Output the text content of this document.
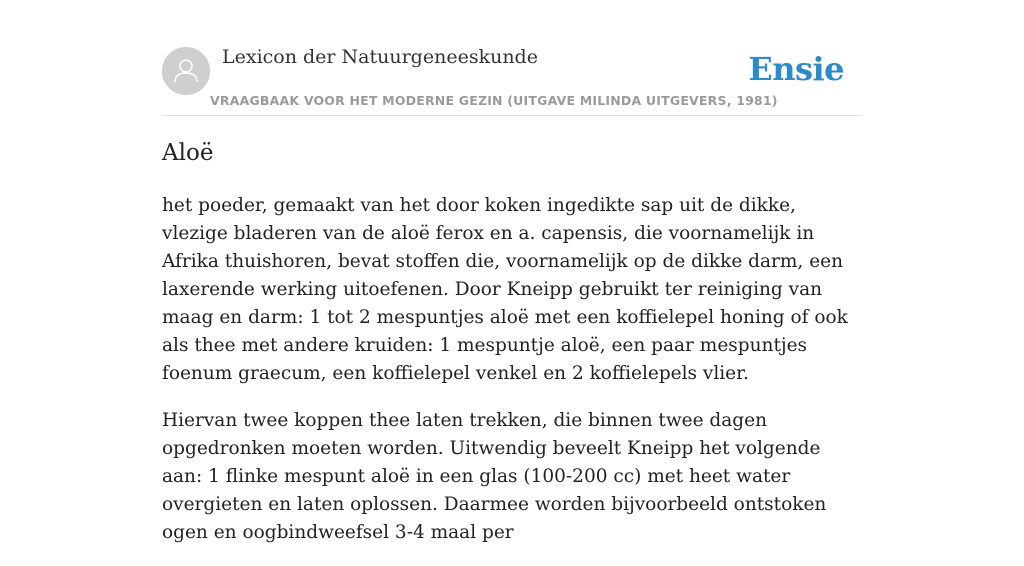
Lexicon der Natuurgeneeskunde
VRAAGBAAK VOOR HET MODERNE GEZIN (UITGAVE MILINDA UITGEVERS, 1981)
Ensie
Aloë

het poeder, gemaakt van het door koken ingedikte sap uit de dikke, vlezige bladeren van de aloë ferox en a. capensis, die voornamelijk in Afrika thuishoren, bevat stoffen die, voornamelijk op de dikke darm, een laxerende werking uitoefenen. Door Kneipp gebruikt ter reiniging van maag en darm: 1 tot 2 mespuntjes aloë met een koffielepel honing of ook als thee met andere kruiden: 1 mespuntje aloë, een paar mespuntjes foenum graecum, een koffielepel venkel en 2 koffielepels vlier.

Hiervan twee koppen thee laten trekken, die binnen twee dagen opgedronken moeten worden. Uitwendig beveelt Kneipp het volgende aan: 1 flinke mespunt aloë in een glas (100-200 cc) met heet water overgieten en laten oplossen. Daarmee worden bijvoorbeeld ontstoken ogen en oogbindweefsel 3-4 maal per
